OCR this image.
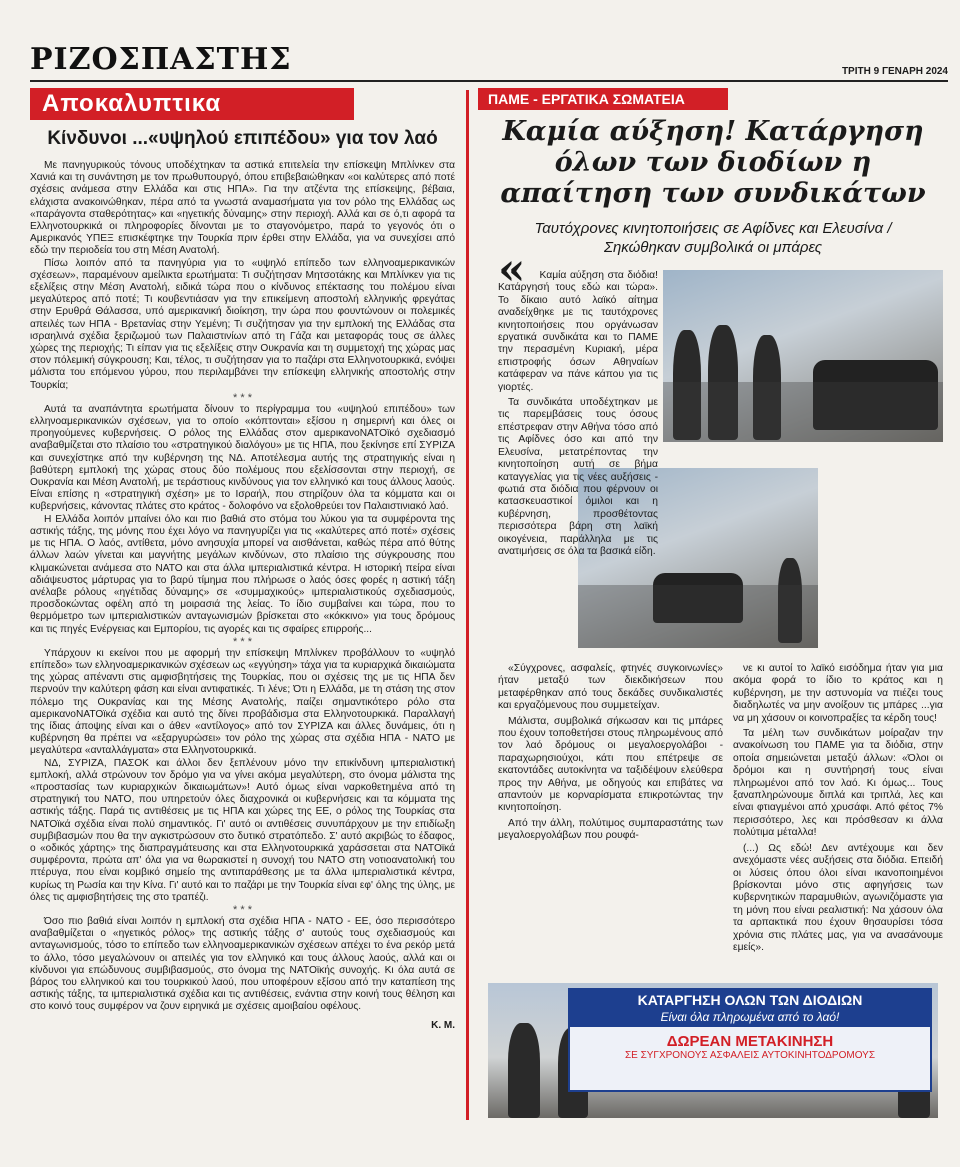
ΡΙΖΟΣΠΑΣΤΗΣ	ΤΡΙΤΗ 9 ΓΕΝΑΡΗ 2024
Αποκαλυπτικα
Κίνδυνοι ...«υψηλού επιπέδου» για τον λαό

Με πανηγυρικούς τόνους υποδέχτηκαν τα αστικά επιτελεία την επίσκεψη Μπλίνκεν στα Χανιά και τη συνάντηση με τον πρωθυπουργό, όπου επιβεβαιώθηκαν «οι καλύτερες από ποτέ σχέσεις ανάμεσα στην Ελλάδα και στις ΗΠΑ». Για την ατζέντα της επίσκεψης, βέβαια, ελάχιστα ανακοινώθηκαν, πέρα από τα γνωστά αναμασήματα για τον ρόλο της Ελλάδας ως «παράγοντα σταθερότητας» και «ηγετικής δύναμης» στην περιοχή. Αλλά και σε ό,τι αφορά τα Ελληνοτουρκικά οι πληροφορίες δίνονται με το σταγονόμετρο, παρά το γεγονός ότι ο Αμερικανός ΥΠΕΞ επισκέφτηκε την Τουρκία πριν έρθει στην Ελλάδα, για να συνεχίσει από εδώ την περιοδεία του στη Μέση Ανατολή.

Πίσω λοιπόν από τα πανηγύρια για το «υψηλό επίπεδο των ελληνοαμερικανικών σχέσεων», παραμένουν αμείλικτα ερωτήματα: Τι συζήτησαν Μητσοτάκης και Μπλίνκεν για τις εξελίξεις στην Μέση Ανατολή, ειδικά τώρα που ο κίνδυνος επέκτασης του πολέμου είναι μεγαλύτερος από ποτέ; Τι κουβεντιάσαν για την επικείμενη αποστολή ελληνικής φρεγάτας στην Ερυθρά Θάλασσα, υπό αμερικανική διοίκηση, την ώρα που φουντώνουν οι πολεμικές απειλές των ΗΠΑ - Βρετανίας στην Υεμένη; Τι συζήτησαν για την εμπλοκή της Ελλάδας στα ισραηλινά σχέδια ξεριζωμού των Παλαιστινίων από τη Γάζα και μεταφοράς τους σε άλλες χώρες της περιοχής; Τι είπαν για τις εξελίξεις στην Ουκρανία και τη συμμετοχή της χώρας μας στον πόλεμική σύγκρουση; Και, τέλος, τι συζήτησαν για το παζάρι στα Ελληνοτουρκικά, ενόψει μάλιστα του επόμενου γύρου, που περιλαμβάνει την επίσκεψη ελληνικής αποστολής στην Τουρκία;

* * *

Αυτά τα αναπάντητα ερωτήματα δίνουν το περίγραμμα του «υψηλού επιπέδου» των ελληνοαμερικανικών σχέσεων, για το οποίο «κόπτονται» εξίσου η σημερινή και όλες οι προηγούμενες κυβερνήσεις. Ο ρόλος της Ελλάδας στον αμερικανοΝΑΤΟϊκό σχεδιασμό αναβαθμίζεται στο πλαίσιο του «στρατηγικού διαλόγου» με τις ΗΠΑ, που ξεκίνησε επί ΣΥΡΙΖΑ και συνεχίστηκε από την κυβέρνηση της ΝΔ. Αποτέλεσμα αυτής της στρατηγικής είναι η βαθύτερη εμπλοκή της χώρας στους δύο πολέμους που εξελίσσονται στην περιοχή, σε Ουκρανία και Μέση Ανατολή, με τεράστιους κινδύνους για τον ελληνικό και τους άλλους λαούς. Είναι επίσης η «στρατηγική σχέση» με το Ισραήλ, που στηρίζουν όλα τα κόμματα και οι κυβερνήσεις, κάνοντας πλάτες στο κράτος - δολοφόνο να εξολοθρεύει τον Παλαιστινιακό λαό.

Η Ελλάδα λοιπόν μπαίνει όλο και πιο βαθιά στο στόμα του λύκου για τα συμφέροντα της αστικής τάξης, της μόνης που έχει λόγο να πανηγυρίζει για τις «καλύτερες από ποτέ» σχέσεις με τις ΗΠΑ. Ο λαός, αντίθετα, μόνο ανησυχία μπορεί να αισθάνεται, καθώς πέρα από θύτης άλλων λαών γίνεται και μαγνήτης μεγάλων κινδύνων, στο πλαίσιο της σύγκρουσης που κλιμακώνεται ανάμεσα στο ΝΑΤΟ και στα άλλα ιμπεριαλιστικά κέντρα. Η ιστορική πείρα είναι αδιάψευστος μάρτυρας για το βαρύ τίμημα που πλήρωσε ο λαός όσες φορές η αστική τάξη ανέλαβε ρόλους «ηγέτιδας δύναμης» σε «συμμαχικούς» ιμπεριαλιστικούς σχεδιασμούς, προσδοκώντας οφέλη από τη μοιρασιά της λείας. Το ίδιο συμβαίνει και τώρα, που το θερμόμετρο των ιμπεριαλιστικών ανταγωνισμών βρίσκεται στο «κόκκινο» για τους δρόμους και τις πηγές Ενέργειας και Εμπορίου, τις αγορές και τις σφαίρες επιρροής...

* * *

Υπάρχουν κι εκείνοι που με αφορμή την επίσκεψη Μπλίνκεν προβάλλουν το «υψηλό επίπεδο» των ελληνοαμερικανικών σχέσεων ως «εγγύηση» τάχα για τα κυριαρχικά δικαιώματα της χώρας απέναντι στις αμφισβητήσεις της Τουρκίας, που οι σχέσεις της με τις ΗΠΑ δεν περνούν την καλύτερη φάση και είναι αντιφατικές. Τι λένε; Ότι η Ελλάδα, με τη στάση της στον πόλεμο της Ουκρανίας και της Μέσης Ανατολής, παίζει σημαντικότερο ρόλο στα αμερικανοΝΑΤΟϊκά σχέδια και αυτό της δίνει προβάδισμα στα Ελληνοτουρκικά. Παραλλαγή της ίδιας άποψης είναι και ο άθεν «αντίλογος» από τον ΣΥΡΙΖΑ και άλλες δυνάμεις, ότι η κυβέρνηση θα πρέπει να «εξαργυρώσει» τον ρόλο της χώρας στα σχέδια ΗΠΑ - ΝΑΤΟ με μεγαλύτερα «ανταλλάγματα» στα Ελληνοτουρκικά.

ΝΔ, ΣΥΡΙΖΑ, ΠΑΣΟΚ και άλλοι δεν ξεπλένουν μόνο την επικίνδυνη ιμπεριαλιστική εμπλοκή, αλλά στρώνουν τον δρόμο για να γίνει ακόμα μεγαλύτερη, στο όνομα μάλιστα της «προστασίας των κυριαρχικών δικαιωμάτων»! Αυτό όμως είναι ναρκοθετημένα από τη στρατηγική του ΝΑΤΟ, που υπηρετούν όλες διαχρονικά οι κυβερνήσεις και τα κόμματα της αστικής τάξης. Παρά τις αντιθέσεις με τις ΗΠΑ και χώρες της ΕΕ, ο ρόλος της Τουρκίας στα ΝΑΤΟϊκά σχέδια είναι πολύ σημαντικός. Γι' αυτό οι αντιθέσεις συνυπάρχουν με την επιδίωξη συμβιβασμών που θα την αγκιστρώσουν στο δυτικό στρατόπεδο. Σ' αυτό ακριβώς το έδαφος, ο «οδικός χάρτης» της διαπραγμάτευσης και στα Ελληνοτουρκικά χαράσσεται στα ΝΑΤΟϊκά συμφέροντα, πρώτα απ' όλα για να θωρακιστεί η συνοχή του ΝΑΤΟ στη νοτιοανατολική του πτέρυγα, που είναι κομβικό σημείο της αντιπαράθεσης με τα άλλα ιμπεριαλιστικά κέντρα, κυρίως τη Ρωσία και την Κίνα. Γι' αυτό και το παζάρι με την Τουρκία είναι εφ' όλης της ύλης, με όλες τις αμφισβητήσεις της στο τραπέζι.

* * *

Όσο πιο βαθιά είναι λοιπόν η εμπλοκή στα σχέδια ΗΠΑ - ΝΑΤΟ - ΕΕ, όσο περισσότερο αναβαθμίζεται ο «ηγετικός ρόλος» της αστικής τάξης σ' αυτούς τους σχεδιασμούς και ανταγωνισμούς, τόσο το επίπεδο των ελληνοαμερικανικών σχέσεων απέχει το ένα ρεκόρ μετά το άλλο, τόσο μεγαλώνουν οι απειλές για τον ελληνικό και τους άλλους λαούς, αλλά και οι κίνδυνοι για επώδυνους συμβιβασμούς, στο όνομα της ΝΑΤΟϊκής συνοχής. Κι όλα αυτά σε βάρος του ελληνικού και του τουρκικού λαού, που υποφέρουν εξίσου από την καταπίεση της αστικής τάξης, τα ιμπεριαλιστικά σχέδια και τις αντιθέσεις, ενάντια στην κοινή τους θέληση και στο κοινό τους συμφέρον να ζουν ειρηνικά με σχέσεις αμοιβαίου οφέλους.

Κ. Μ.
ΠΑΜΕ - ΕΡΓΑΤΙΚΑ ΣΩΜΑΤΕΙΑ
Καμία αύξηση! Κατάργηση όλων των διοδίων η απαίτηση των συνδικάτων
Ταυτόχρονες κινητοποιήσεις σε Αφίδνες και Ελευσίνα / Σηκώθηκαν συμβολικά οι μπάρες
«	Καμία αύξηση στα διόδια! Κατάργησή τους εδώ και τώρα». Το δίκαιο αυτό λαϊκό αίτημα αναδείχθηκε με τις ταυτόχρονες κινητοποιήσεις που οργάνωσαν εργατικά συνδικάτα και το ΠΑΜΕ την περασμένη Κυριακή, μέρα επιστροφής όσων Αθηναίων κατάφεραν να πάνε κάπου για τις γιορτές.

Τα συνδικάτα υποδέχτηκαν με τις παρεμβάσεις τους όσους επέστρεφαν στην Αθήνα τόσο από τις Αφίδνες όσο και από την Ελευσίνα, μετατρέποντας την κινητοποίηση αυτή σε βήμα καταγγελίας για τις νέες αυξήσεις - φωτιά στα διόδια που φέρνουν οι κατασκευαστικοί όμιλοι και η κυβέρνηση, προσθέτοντας περισσότερα βάρη στη λαϊκή οικογένεια, παράλληλα με τις ανατιμήσεις σε όλα τα βασικά είδη.

«Σύγχρονες, ασφαλείς, φτηνές συγκοινωνίες» ήταν μεταξύ των διεκδικήσεων που μεταφέρθηκαν από τους δεκάδες συνδικαλιστές και εργαζόμενους που συμμετείχαν.

Μάλιστα, συμβολικά σήκωσαν και τις μπάρες που έχουν τοποθετήσει στους πληρωμένους από τον λαό δρόμους οι μεγαλοεργολάβοι - παραχωρησιούχοι, κάτι που επέτρεψε σε εκατοντάδες αυτοκίνητα να ταξιδέψουν ελεύθερα προς την Αθήνα, με οδηγούς και επιβάτες να απαντούν με κορναρίσματα επικροτώντας την κινητοποίηση.

Από την άλλη, πολύτιμος συμπαραστάτης των μεγαλοεργολάβων που ρουφά-

νε κι αυτοί το λαϊκό εισόδημα ήταν για μια ακόμα φορά το ίδιο το κράτος και η κυβέρνηση, με την αστυνομία να πιέζει τους διαδηλωτές να μην ανοίξουν τις μπάρες ...για να μη χάσουν οι κοινοπραξίες τα κέρδη τους!

Τα μέλη των συνδικάτων μοίραζαν την ανακοίνωση του ΠΑΜΕ για τα διόδια, στην οποία σημειώνεται μεταξύ άλλων: «Όλοι οι δρόμοι και η συντήρησή τους είναι πληρωμένοι από τον λαό. Κι όμως... Τους ξαναπληρώνουμε διπλά και τριπλά, λες και είναι φτιαγμένοι από χρυσάφι. Από φέτος 7% περισσότερο, λες και πρόσθεσαν κι άλλα πολύτιμα μέταλλα!

(...) Ως εδώ! Δεν αντέχουμε και δεν ανεχόμαστε νέες αυξήσεις στα διόδια. Επειδή οι λύσεις όπου όλοι είναι ικανοποιημένοι βρίσκονται μόνο στις αφηγήσεις των κυβερνητικών παραμυθιών, αγωνιζόμαστε για τη μόνη που είναι ρεαλιστική: Να χάσουν όλα τα αρπακτικά που έχουν θησαυρίσει τόσα χρόνια στις πλάτες μας, για να ανασάνουμε εμείς».

ΚΑΤΑΡΓΗΣΗ ΟΛΩΝ ΤΩΝ ΔΙΟΔΙΩΝ
Είναι όλα πληρωμένα από το λαό!
ΔΩΡΕΑΝ ΜΕΤΑΚΙΝΗΣΗ
ΣΕ ΣΥΓΧΡΟΝΟΥΣ ΑΣΦΑΛΕΙΣ ΑΥΤΟΚΙΝΗΤΟΔΡΟΜΟΥΣ
